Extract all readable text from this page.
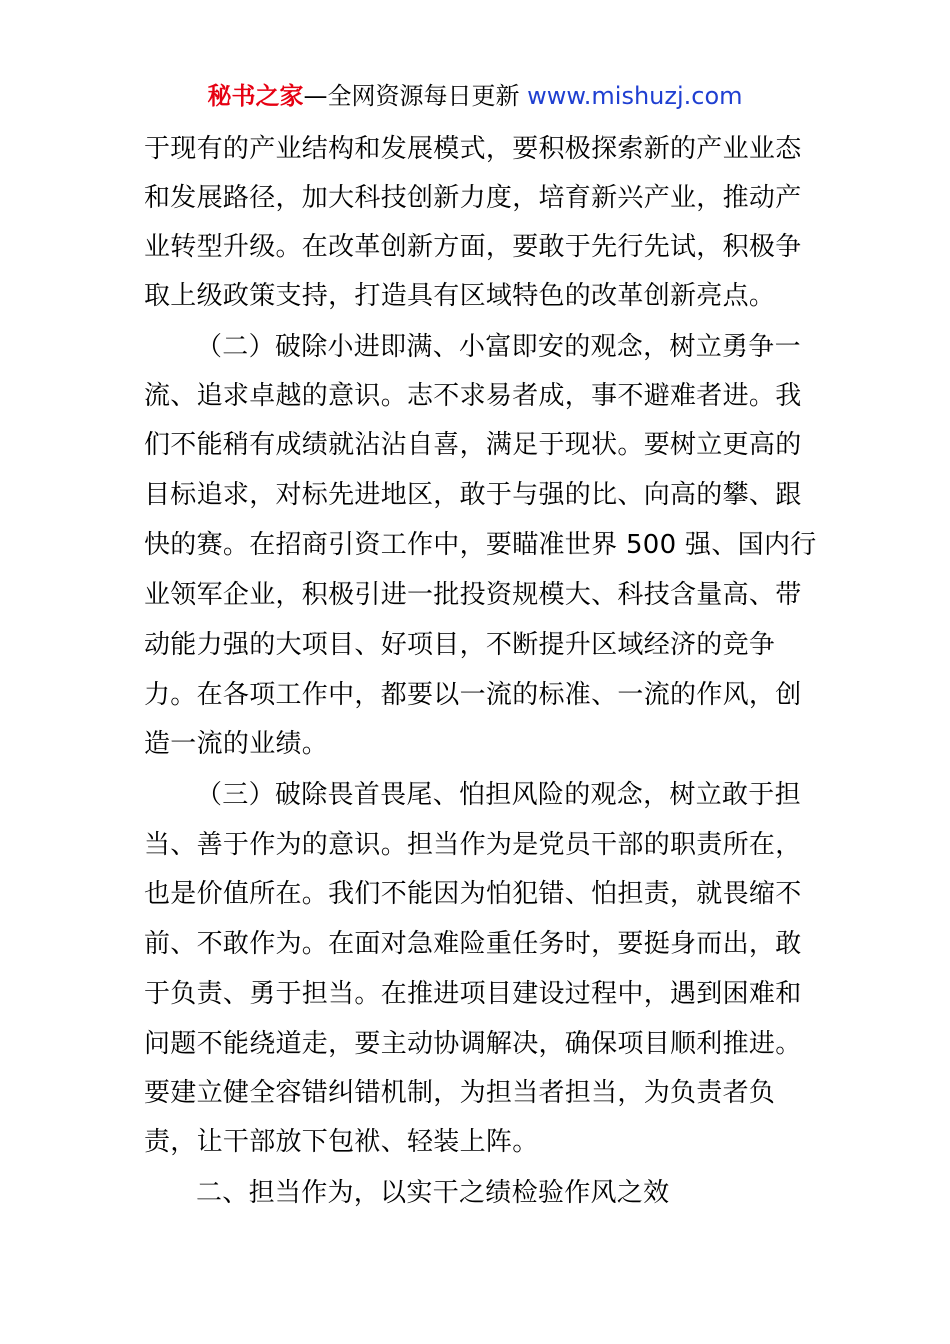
秘书之家—全网资源每日更新 www.mishuzj.com
于现有的产业结构和发展模式，要积极探索新的产业业态
和发展路径，加大科技创新力度，培育新兴产业，推动产
业转型升级。在改革创新方面，要敢于先行先试，积极争
取上级政策支持，打造具有区域特色的改革创新亮点。
（二）破除小进即满、小富即安的观念，树立勇争一
流、追求卓越的意识。志不求易者成，事不避难者进。我
们不能稍有成绩就沾沾自喜，满足于现状。要树立更高的
目标追求，对标先进地区，敢于与强的比、向高的攀、跟
快的赛。在招商引资工作中，要瞄准世界 500 强、国内行
业领军企业，积极引进一批投资规模大、科技含量高、带
动能力强的大项目、好项目，不断提升区域经济的竞争
力。在各项工作中，都要以一流的标准、一流的作风，创
造一流的业绩。
（三）破除畏首畏尾、怕担风险的观念，树立敢于担
当、善于作为的意识。担当作为是党员干部的职责所在，
也是价值所在。我们不能因为怕犯错、怕担责，就畏缩不
前、不敢作为。在面对急难险重任务时，要挺身而出，敢
于负责、勇于担当。在推进项目建设过程中，遇到困难和
问题不能绕道走，要主动协调解决，确保项目顺利推进。
要建立健全容错纠错机制，为担当者担当，为负责者负
责，让干部放下包袱、轻装上阵。
二、担当作为，以实干之绩检验作风之效
